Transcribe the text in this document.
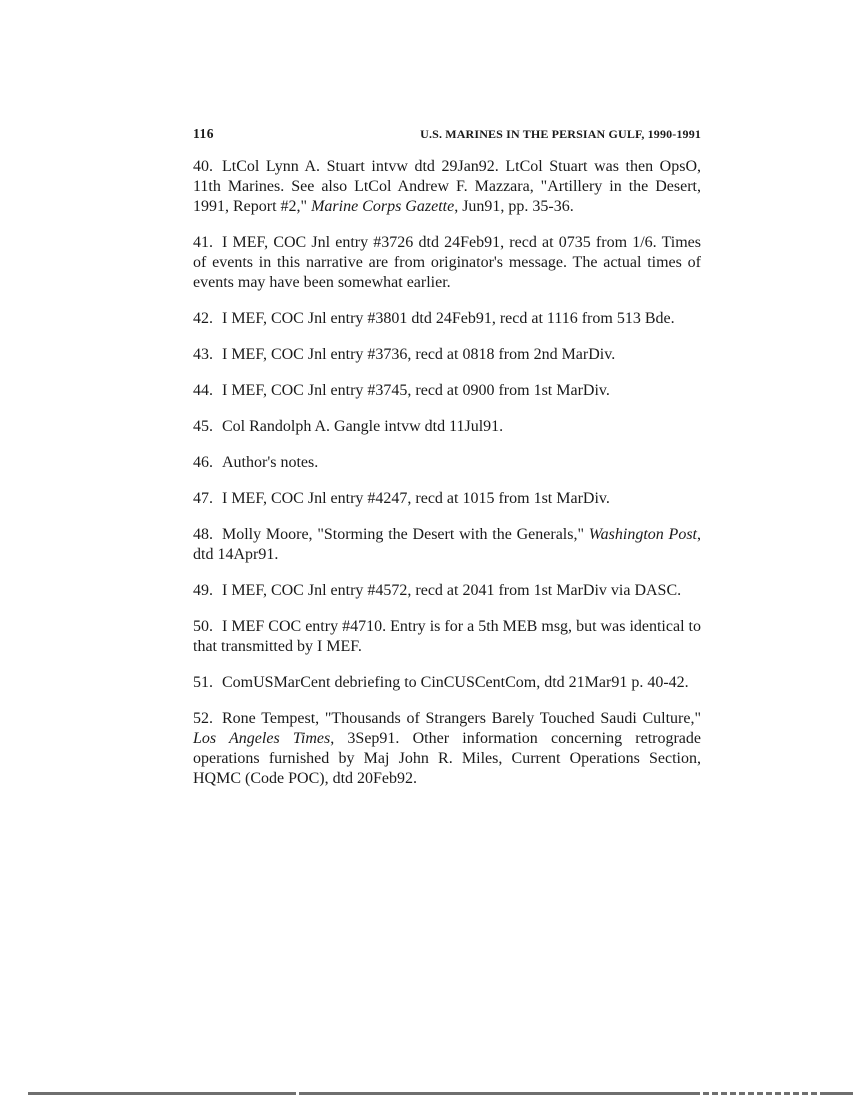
116	U.S. MARINES IN THE PERSIAN GULF, 1990-1991

40. LtCol Lynn A. Stuart intvw dtd 29Jan92. LtCol Stuart was then OpsO, 11th Marines. See also LtCol Andrew F. Mazzara, "Artillery in the Desert, 1991, Report #2," Marine Corps Gazette, Jun91, pp. 35-36.

41. I MEF, COC Jnl entry #3726 dtd 24Feb91, recd at 0735 from 1/6. Times of events in this narrative are from originator's message. The actual times of events may have been somewhat earlier.

42. I MEF, COC Jnl entry #3801 dtd 24Feb91, recd at 1116 from 513 Bde.

43. I MEF, COC Jnl entry #3736, recd at 0818 from 2nd MarDiv.

44. I MEF, COC Jnl entry #3745, recd at 0900 from 1st MarDiv.

45. Col Randolph A. Gangle intvw dtd 11Jul91.

46. Author's notes.

47. I MEF, COC Jnl entry #4247, recd at 1015 from 1st MarDiv.

48. Molly Moore, "Storming the Desert with the Generals," Washington Post, dtd 14Apr91.

49. I MEF, COC Jnl entry #4572, recd at 2041 from 1st MarDiv via DASC.

50. I MEF COC entry #4710. Entry is for a 5th MEB msg, but was identical to that transmitted by I MEF.

51. ComUSMarCent debriefing to CinCUSCentCom, dtd 21Mar91 p. 40-42.

52. Rone Tempest, "Thousands of Strangers Barely Touched Saudi Culture," Los Angeles Times, 3Sep91. Other information concerning retrograde operations furnished by Maj John R. Miles, Current Operations Section, HQMC (Code POC), dtd 20Feb92.
